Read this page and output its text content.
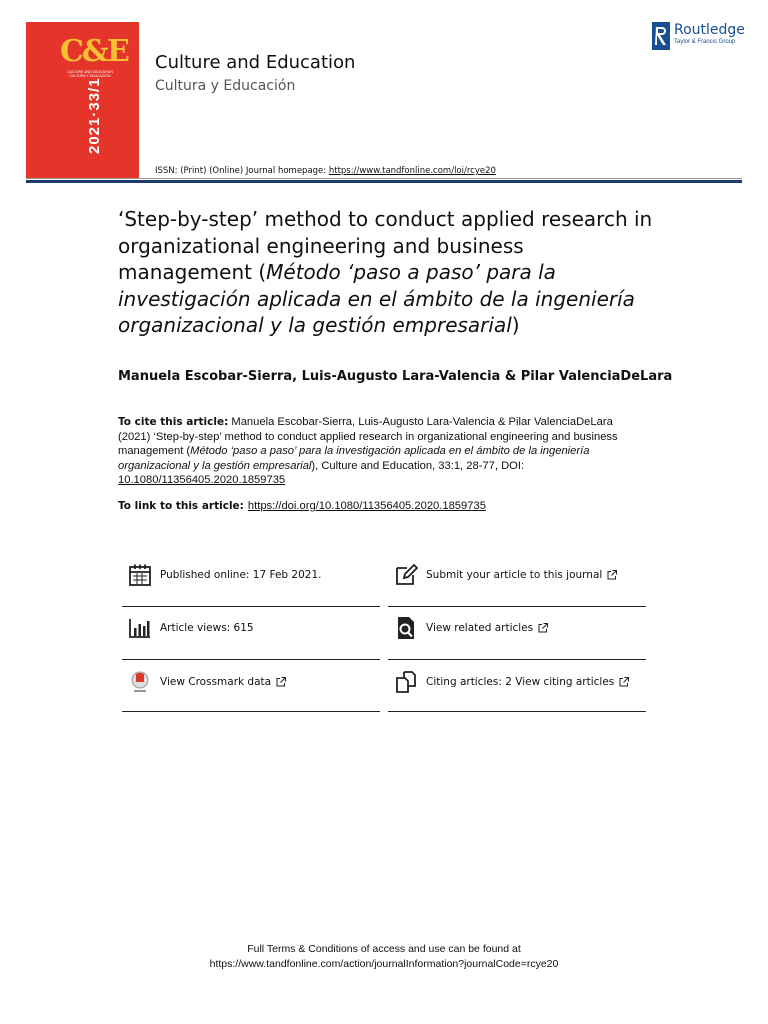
C&E
CULTURE AND EDUCATION CULTURA Y EDUCACIÓN
2021·33/1
Culture and Education
Cultura y Educación
ISSN: (Print) (Online) Journal homepage: https://www.tandfonline.com/loi/rcye20
Routledge
Taylor & Francis Group
‘Step-by-step’ method to conduct applied research in organizational engineering and business management (Método ‘paso a paso’ para la investigación aplicada en el ámbito de la ingeniería organizacional y la gestión empresarial)
Manuela Escobar-Sierra, Luis-Augusto Lara-Valencia & Pilar ValenciaDeLara
To cite this article: Manuela Escobar-Sierra, Luis-Augusto Lara-Valencia & Pilar ValenciaDeLara (2021) ‘Step-by-step’ method to conduct applied research in organizational engineering and business management (Método ‘paso a paso’ para la investigación aplicada en el ámbito de la ingeniería organizacional y la gestión empresarial), Culture and Education, 33:1, 28-77, DOI: 10.1080/11356405.2020.1859735
To link to this article: https://doi.org/10.1080/11356405.2020.1859735
Published online: 17 Feb 2021.	Submit your article to this journal
Article views: 615	View related articles
View Crossmark data	Citing articles: 2 View citing articles
Full Terms & Conditions of access and use can be found at
https://www.tandfonline.com/action/journalInformation?journalCode=rcye20
